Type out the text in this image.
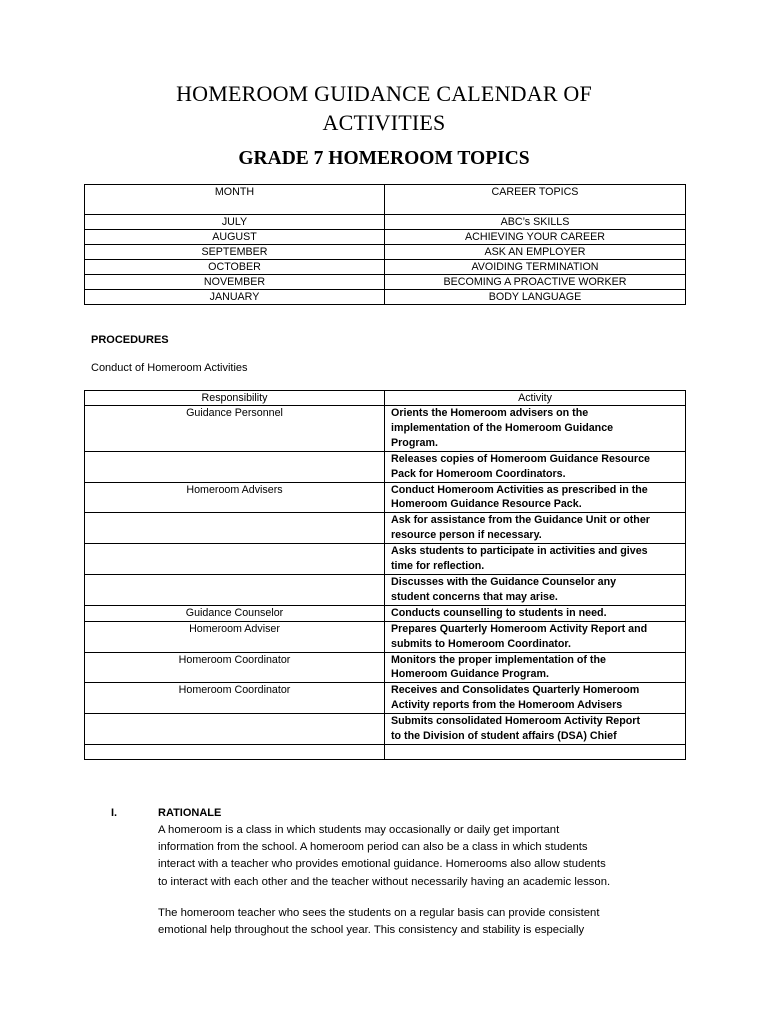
HOMEROOM GUIDANCE CALENDAR OF
ACTIVITIES
GRADE 7 HOMEROOM TOPICS
MONTH	CAREER TOPICS
JULY	ABC’s SKILLS
AUGUST	ACHIEVING YOUR CAREER
SEPTEMBER	ASK AN EMPLOYER
OCTOBER	AVOIDING TERMINATION
NOVEMBER	BECOMING A PROACTIVE WORKER
JANUARY	BODY LANGUAGE
PROCEDURES
Conduct of Homeroom Activities
Responsibility	Activity
Guidance Personnel	Orients the Homeroom advisers on the
implementation of the Homeroom Guidance
Program.

	Releases copies of Homeroom Guidance Resource
Pack for Homeroom Coordinators.

Homeroom Advisers	Conduct Homeroom Activities as prescribed in the
Homeroom Guidance Resource Pack.

	Ask for assistance from the Guidance Unit or other
resource person if necessary.

	Asks students to participate in activities and gives
time for reflection.

	Discusses with the Guidance Counselor any
student concerns that may arise.

Guidance Counselor	Conducts counselling to students in need.

Homeroom Adviser	Prepares Quarterly Homeroom Activity Report and
submits to Homeroom Coordinator.

Homeroom Coordinator	Monitors the proper implementation of the
Homeroom Guidance Program.

Homeroom Coordinator	Receives and Consolidates Quarterly Homeroom
Activity reports from the Homeroom Advisers

	Submits consolidated Homeroom Activity Report
to the Division of student affairs (DSA) Chief

I.	RATIONALE
A homeroom is a class in which students may occasionally or daily get important
information from the school. A homeroom period can also be a class in which students
interact with a teacher who provides emotional guidance. Homerooms also allow students
to interact with each other and the teacher without necessarily having an academic lesson.
The homeroom teacher who sees the students on a regular basis can provide consistent
emotional help throughout the school year. This consistency and stability is especially
